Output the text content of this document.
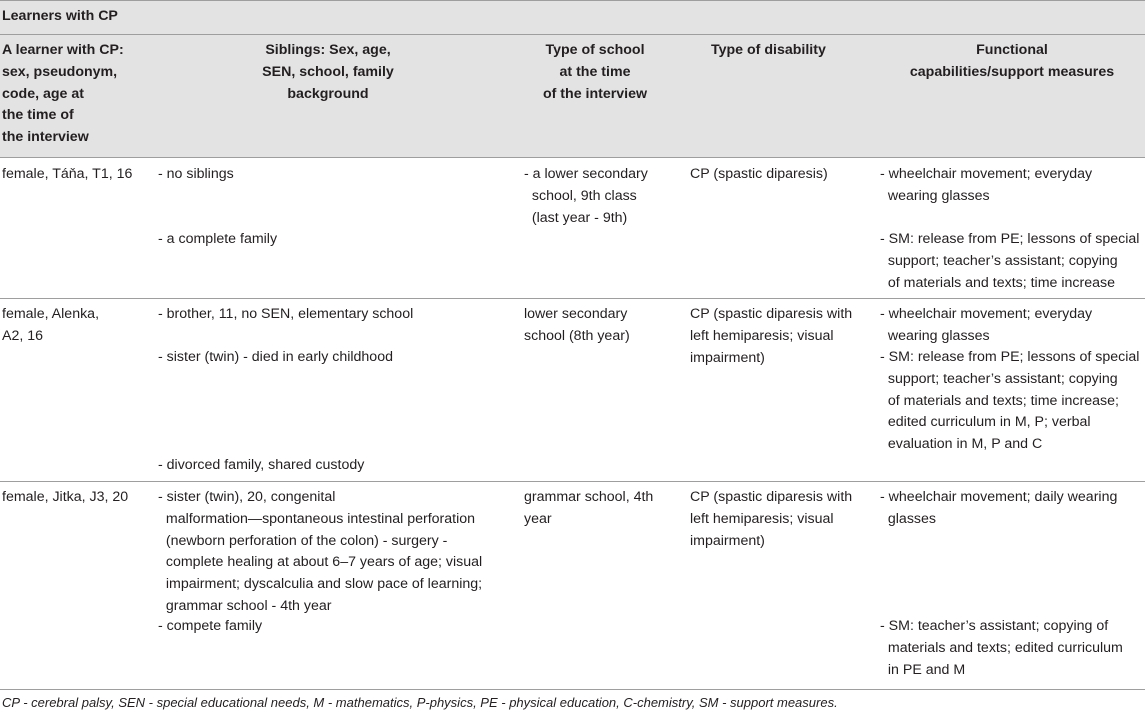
Learners with CP
A learner with CP:
sex, pseudonym,
code, age at
the time of
the interview
Siblings: Sex, age,
SEN, school, family
background
Type of school
at the time
of the interview
Type of disability	Functional
capabilities/support measures
female, Táňa, T1, 16 - no siblings
- a complete family
- a lower secondary
school, 9th class
(last year - 9th)
CP (spastic diparesis)	- wheelchair movement; everyday
wearing glasses
- SM: release from PE; lessons of special
support; teacher’s assistant; copying
of materials and texts; time increase
female, Alenka,
A2, 16
- brother, 11, no SEN, elementary school
- sister (twin) - died in early childhood
- divorced family, shared custody
lower secondary
school (8th year)
CP (spastic diparesis with
left hemiparesis; visual
impairment)
- wheelchair movement; everyday
wearing glasses
- SM: release from PE; lessons of special
support; teacher’s assistant; copying
of materials and texts; time increase;
edited curriculum in M, P; verbal
evaluation in M, P and C
female, Jitka, J3, 20 - sister (twin), 20, congenital
malformation—spontaneous intestinal perforation
(newborn perforation of the colon) - surgery -
complete healing at about 6–7 years of age; visual
impairment; dyscalculia and slow pace of learning;
grammar school - 4th year
- compete family
grammar school, 4th
year
CP (spastic diparesis with
left hemiparesis; visual
impairment)
- wheelchair movement; daily wearing
glasses
- SM: teacher’s assistant; copying of
materials and texts; edited curriculum
in PE and M
CP - cerebral palsy, SEN - special educational needs, M - mathematics, P-physics, PE - physical education, C-chemistry, SM - support measures.
